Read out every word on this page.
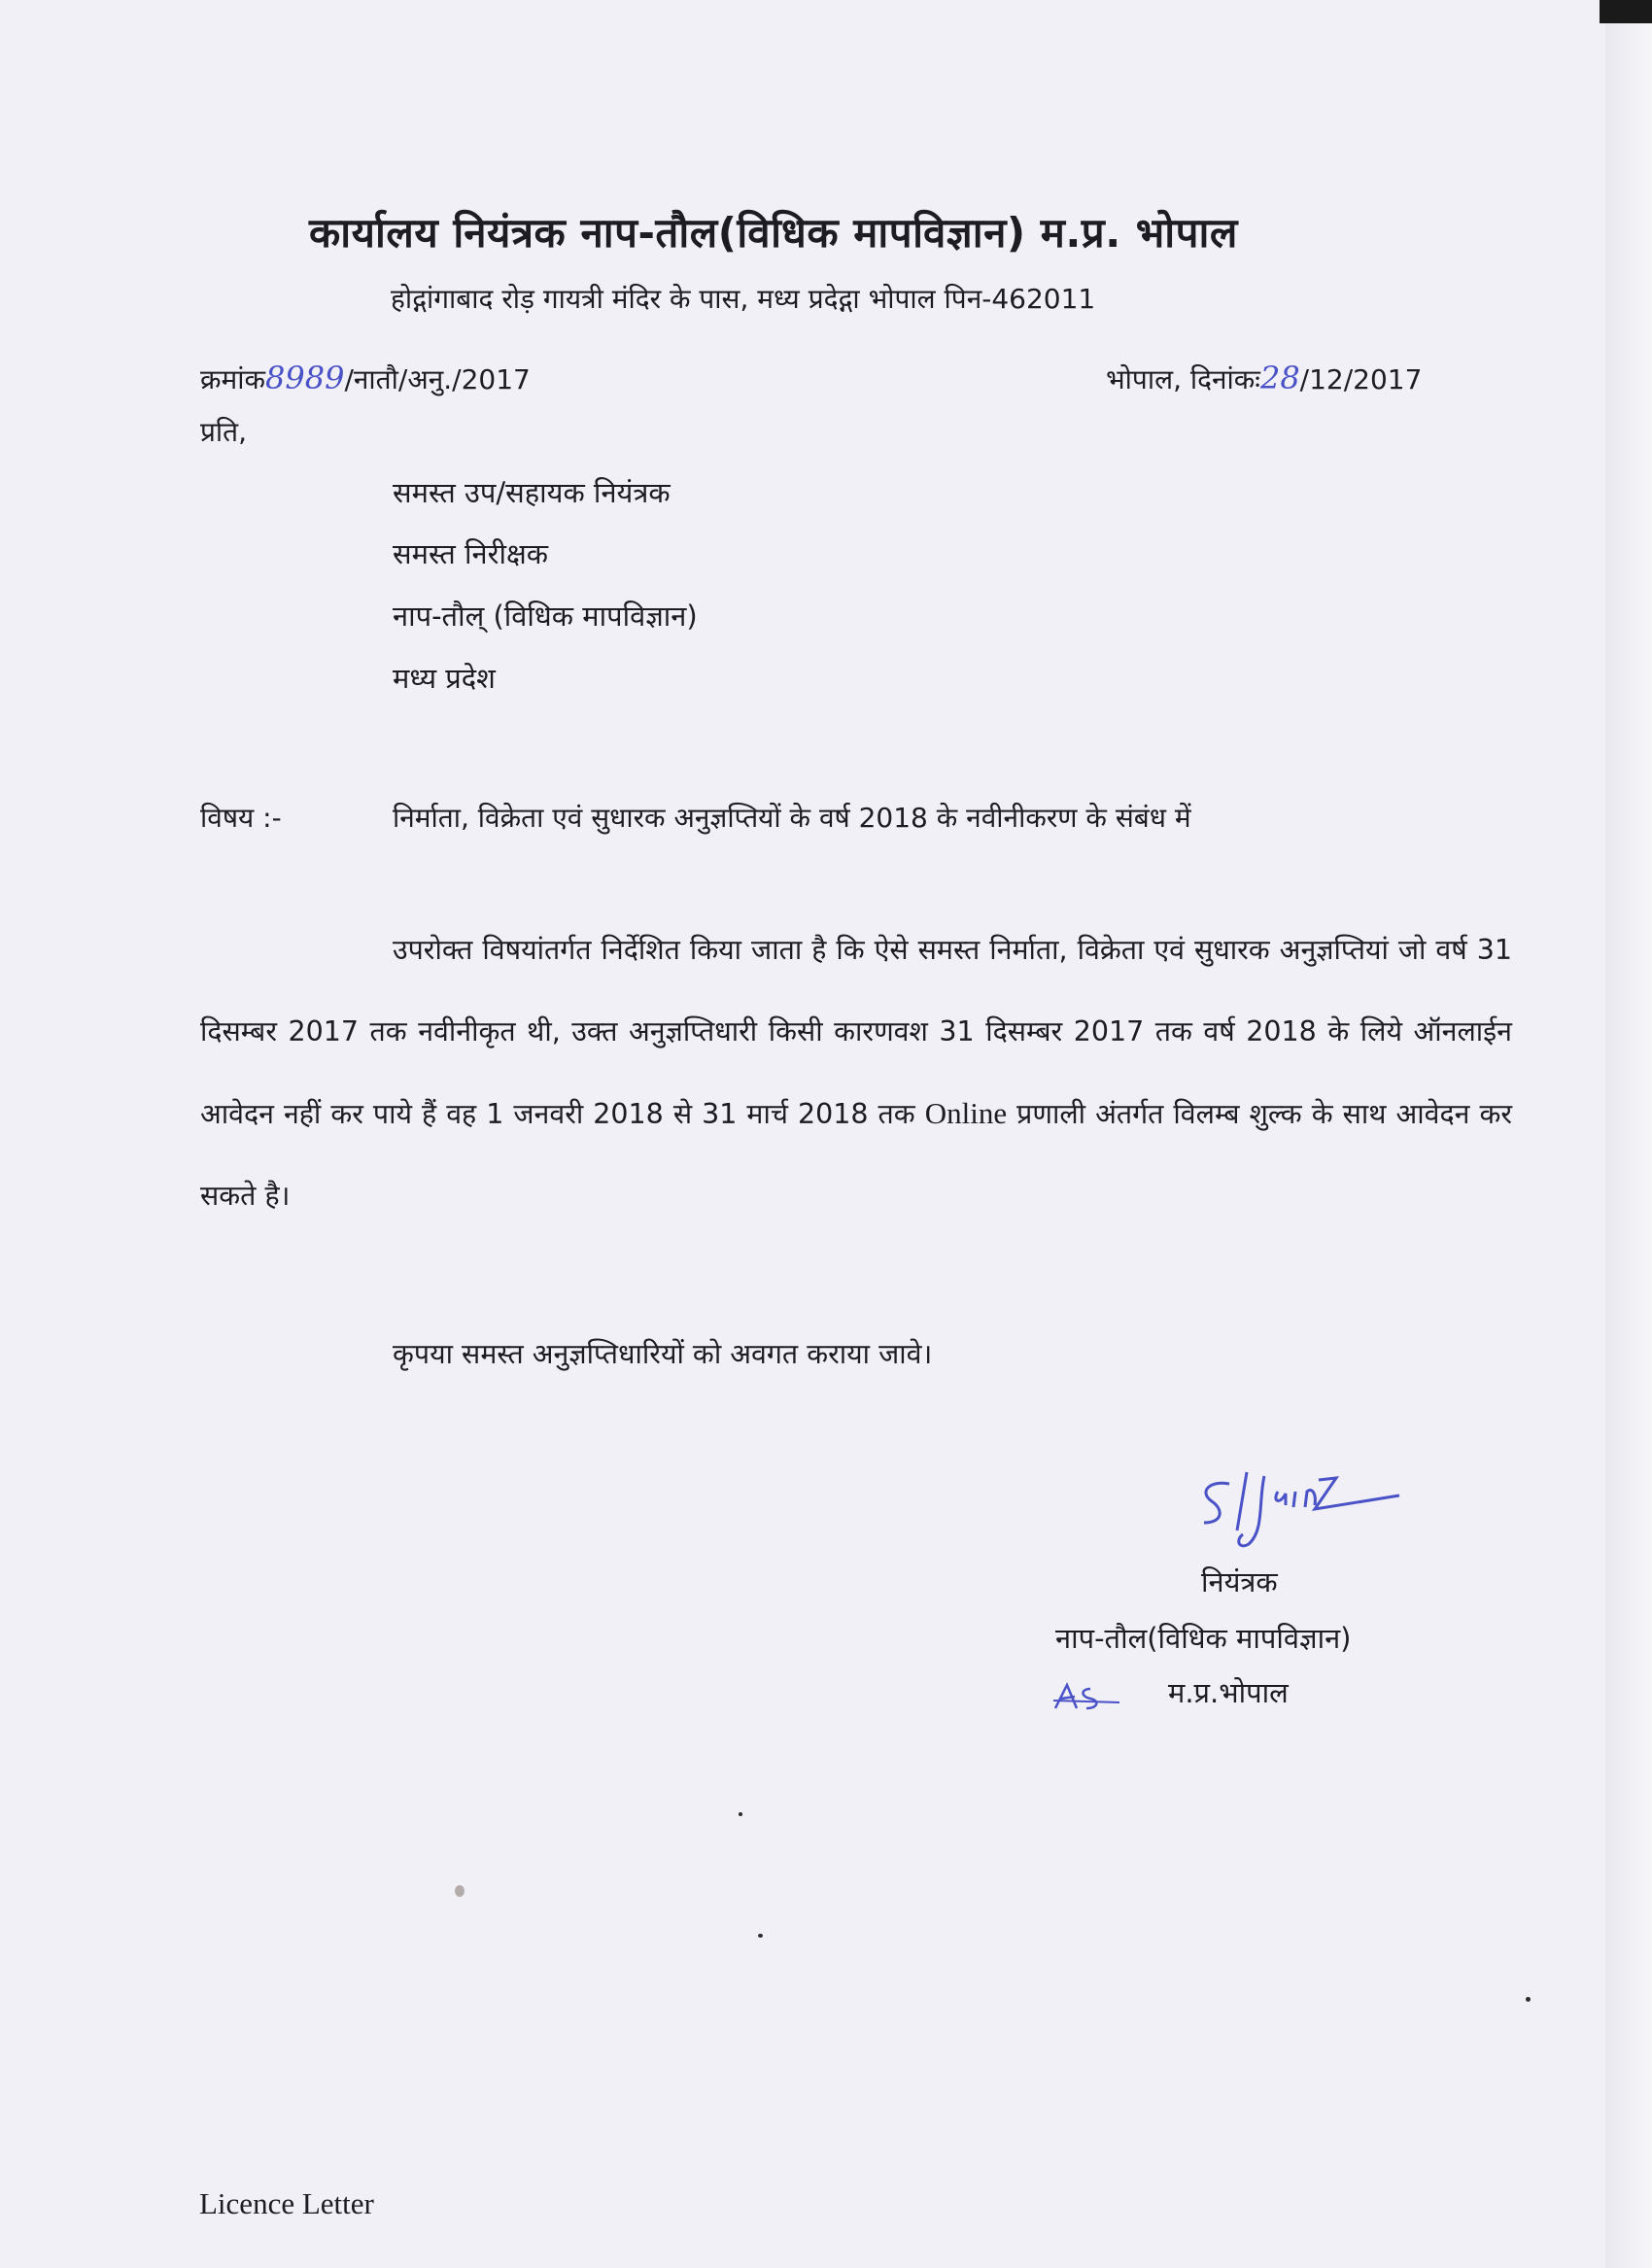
कार्यालय नियंत्रक नाप-तौल(विधिक मापविज्ञान) म.प्र. भोपाल
होद्गांगाबाद रोड़ गायत्री मंदिर के पास, मध्य प्रदेद्गा भोपाल पिन-462011
क्रमांक8989/नातौ/अनु./2017	भोपाल, दिनांकः28/12/2017
प्रति,
समस्त उप/सहायक नियंत्रक
समस्त निरीक्षक
नाप-तौल् (विधिक मापविज्ञान)
मध्य प्रदेश
विषय :-	निर्माता, विक्रेता एवं सुधारक अनुज्ञप्तियों के वर्ष 2018 के नवीनीकरण के संबंध में
उपरोक्त विषयांतर्गत निर्देशित किया जाता है कि ऐसे समस्त निर्माता, विक्रेता एवं सुधारक अनुज्ञप्तियां जो वर्ष 31 दिसम्बर 2017 तक नवीनीकृत थी, उक्त अनुज्ञप्तिधारी किसी कारणवश 31 दिसम्बर 2017 तक वर्ष 2018 के लिये ऑनलाईन आवेदन नहीं कर पाये हैं वह 1 जनवरी 2018 से 31 मार्च 2018 तक Online प्रणाली अंतर्गत विलम्ब शुल्क के साथ आवेदन कर सकते है।
कृपया समस्त अनुज्ञप्तिधारियों को अवगत कराया जावे।
नियंत्रक
नाप-तौल(विधिक मापविज्ञान)
म.प्र.भोपाल
Licence Letter
